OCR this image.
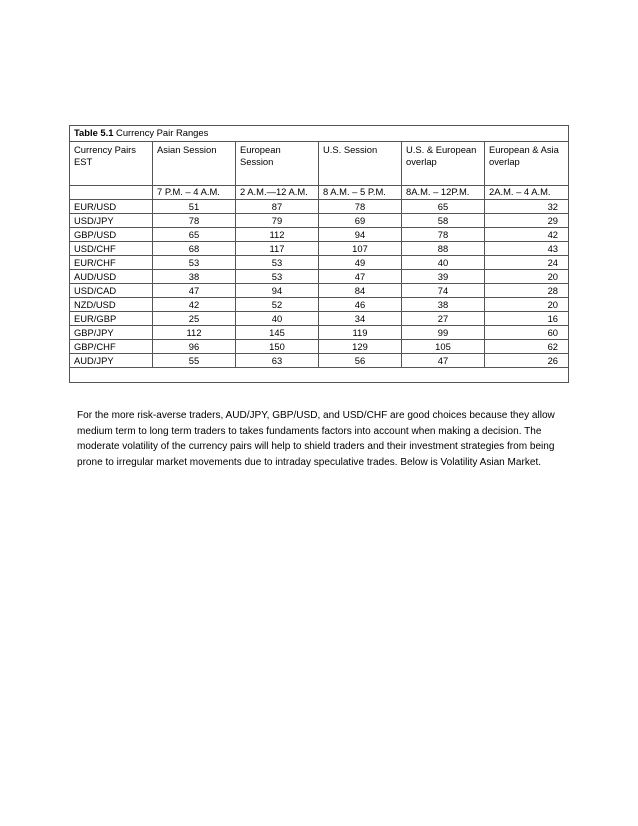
Table 5.1 Currency Pair Ranges					
Currency Pairs EST	Asian Session	European Session	U.S. Session	U.S. & European overlap	European & Asia overlap
	7 P.M. – 4 A.M.	2 A.M.—12 A.M.	8 A.M. – 5 P.M.	8A.M. – 12P.M.	2A.M. – 4 A.M.
EUR/USD	51	87	78	65	32
USD/JPY	78	79	69	58	29
GBP/USD	65	112	94	78	42
USD/CHF	68	117	107	88	43
EUR/CHF	53	53	49	40	24
AUD/USD	38	53	47	39	20
USD/CAD	47	94	84	74	28
NZD/USD	42	52	46	38	20
EUR/GBP	25	40	34	27	16
GBP/JPY	112	145	119	99	60
GBP/CHF	96	150	129	105	62
AUD/JPY	55	63	56	47	26

For the more risk-averse traders, AUD/JPY, GBP/USD, and USD/CHF are good choices because they allow medium term to long term traders to takes fundaments factors into account when making a decision. The moderate volatility of the currency pairs will help to shield traders and their investment strategies from being prone to irregular market movements due to intraday speculative trades. Below is Volatility Asian Market.
